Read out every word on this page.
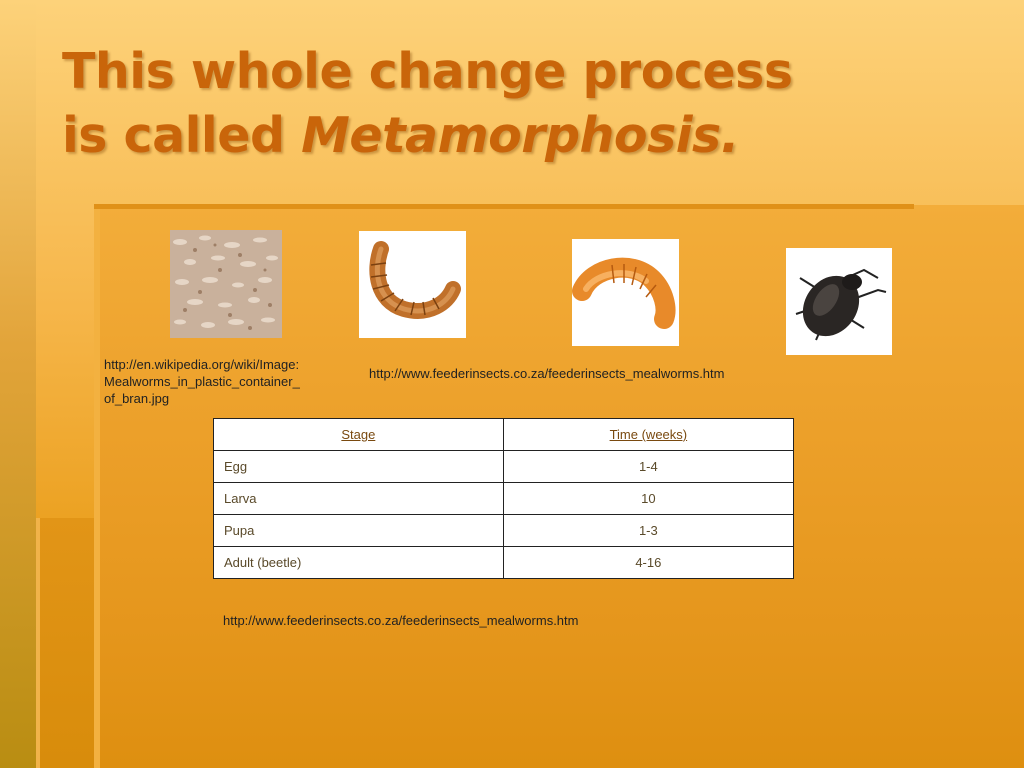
This whole change process
is called Metamorphosis.
http://en.wikipedia.org/wiki/Image:Mealworms_in_plastic_container_of_bran.jpg
http://www.feederinsects.co.za/feederinsects_mealworms.htm
Stage	Time (weeks)
Egg	1-4
Larva	10
Pupa	1-3
Adult (beetle)	4-16
http://www.feederinsects.co.za/feederinsects_mealworms.htm
